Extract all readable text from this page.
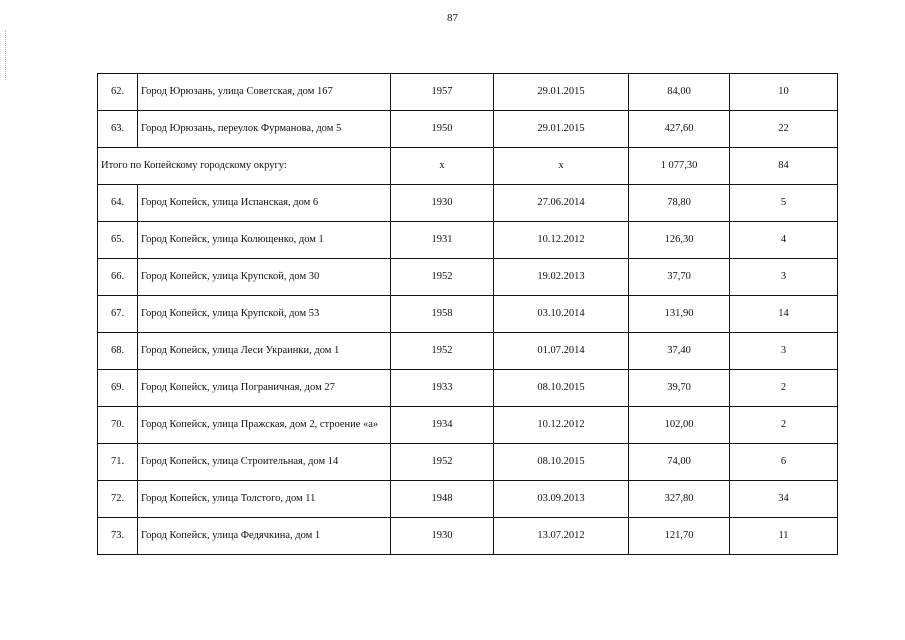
87
62.	Город Юрюзань, улица Советская, дом 167	1957	29.01.2015	84,00	10
63.	Город Юрюзань, переулок Фурманова, дом 5	1950	29.01.2015	427,60	22
Итого по Копейскому городскому округу:		x	x	1 077,30	84
64.	Город Копейск, улица Испанская, дом 6	1930	27.06.2014	78,80	5
65.	Город Копейск, улица Колющенко, дом 1	1931	10.12.2012	126,30	4
66.	Город Копейск, улица Крупской, дом 30	1952	19.02.2013	37,70	3
67.	Город Копейск, улица Крупской, дом 53	1958	03.10.2014	131,90	14
68.	Город Копейск, улица Леси Украинки, дом 1	1952	01.07.2014	37,40	3
69.	Город Копейск, улица Пограничная, дом 27	1933	08.10.2015	39,70	2
70.	Город Копейск, улица Пражская, дом 2, строение «а»	1934	10.12.2012	102,00	2
71.	Город Копейск, улица Строительная, дом 14	1952	08.10.2015	74,00	6
72.	Город Копейск, улица Толстого, дом 11	1948	03.09.2013	327,80	34
73.	Город Копейск, улица Федячкина, дом 1	1930	13.07.2012	121,70	11
